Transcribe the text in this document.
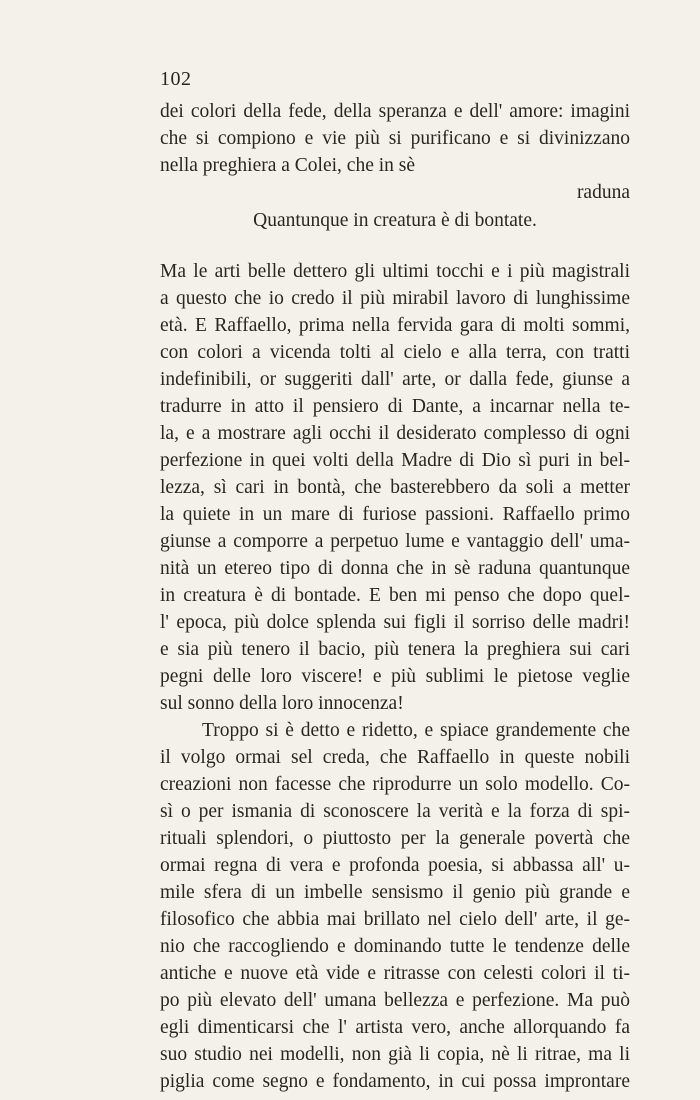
102
dei colori della fede, della speranza e dell' amore: imagini
che si compiono e vie più si purificano e si divinizzano
nella preghiera a Colei, che in sè
raduna
Quantunque in creatura è di bontate.
Ma le arti belle dettero gli ultimi tocchi e i più magistrali
a questo che io credo il più mirabil lavoro di lunghissime
età. E Raffaello, prima nella fervida gara di molti sommi,
con colori a vicenda tolti al cielo e alla terra, con tratti
indefinibili, or suggeriti dall' arte, or dalla fede, giunse a
tradurre in atto il pensiero di Dante, a incarnar nella te-
la, e a mostrare agli occhi il desiderato complesso di ogni
perfezione in quei volti della Madre di Dio sì puri in bel-
lezza, sì cari in bontà, che basterebbero da soli a metter
la quiete in un mare di furiose passioni. Raffaello primo
giunse a comporre a perpetuo lume e vantaggio dell' uma-
nità un etereo tipo di donna che in sè raduna quantunque
in creatura è di bontade. E ben mi penso che dopo quel-
l' epoca, più dolce splenda sui figli il sorriso delle madri!
e sia più tenero il bacio, più tenera la preghiera sui cari
pegni delle loro viscere! e più sublimi le pietose veglie
sul sonno della loro innocenza!
Troppo si è detto e ridetto, e spiace grandemente che
il volgo ormai sel creda, che Raffaello in queste nobili
creazioni non facesse che riprodurre un solo modello. Co-
sì o per ismania di sconoscere la verità e la forza di spi-
rituali splendori, o piuttosto per la generale povertà che
ormai regna di vera e profonda poesia, si abbassa all' u-
mile sfera di un imbelle sensismo il genio più grande e
filosofico che abbia mai brillato nel cielo dell' arte, il ge-
nio che raccogliendo e dominando tutte le tendenze delle
antiche e nuove età vide e ritrasse con celesti colori il ti-
po più elevato dell' umana bellezza e perfezione. Ma può
egli dimenticarsi che l' artista vero, anche allorquando fa
suo studio nei modelli, non già li copia, nè li ritrae, ma li
piglia come segno e fondamento, in cui possa improntare
